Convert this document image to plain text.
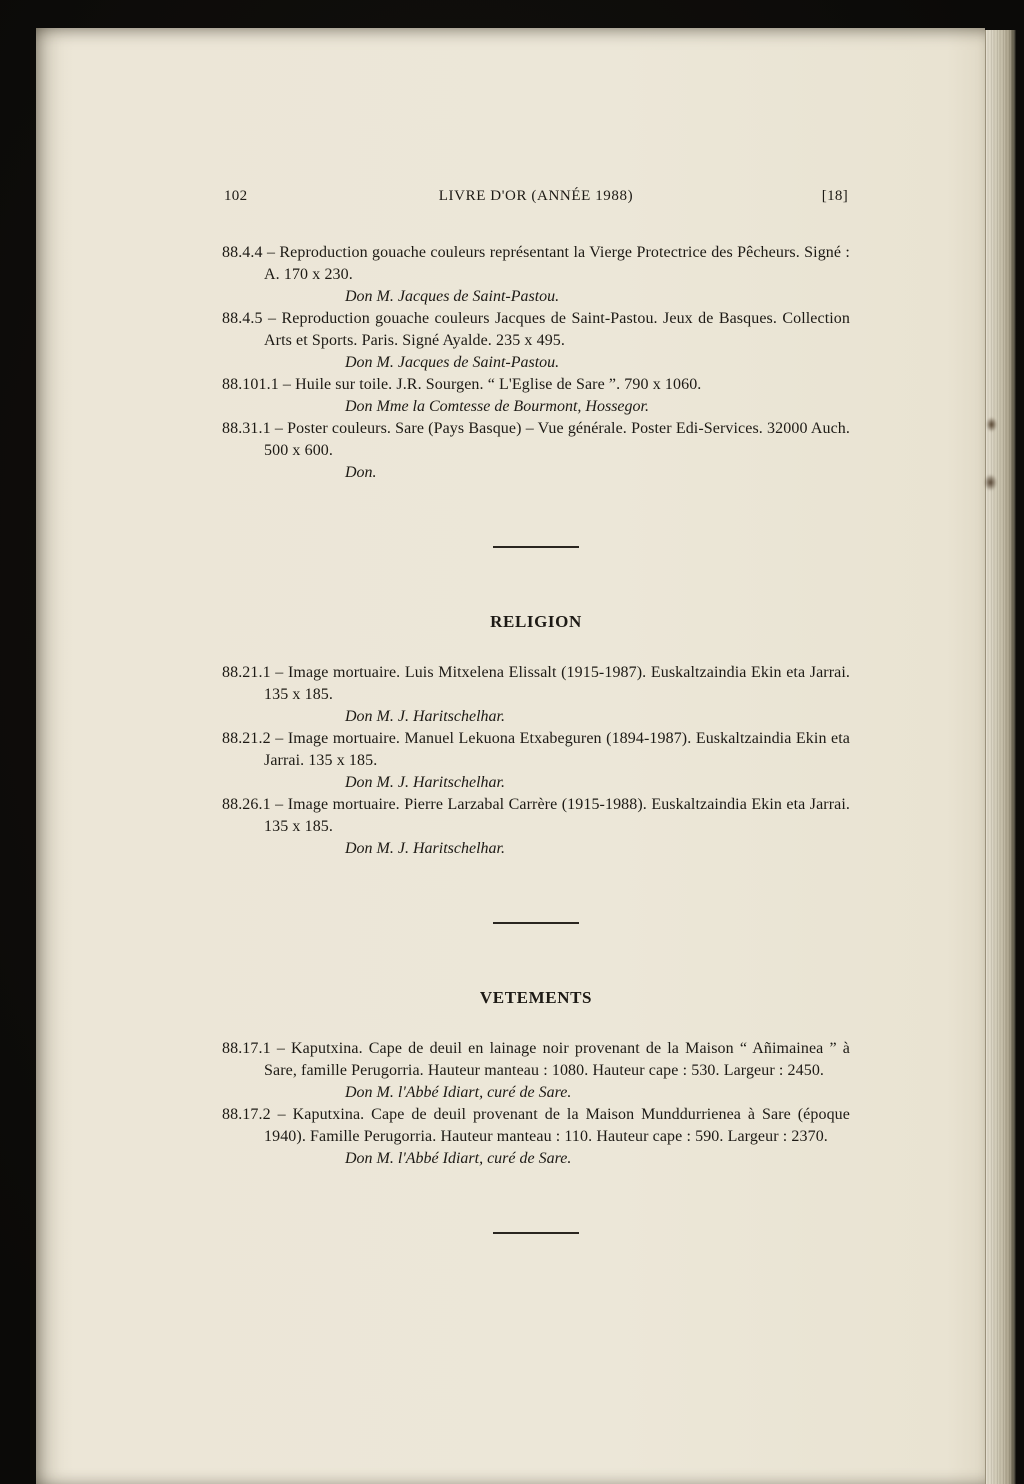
102	LIVRE D'OR (ANNÉE 1988)	[18]

88.4.4 – Reproduction gouache couleurs représentant la Vierge Protectrice des Pêcheurs. Signé : A. 170 x 230.

Don M. Jacques de Saint-Pastou.

88.4.5 – Reproduction gouache couleurs Jacques de Saint-Pastou. Jeux de Basques. Collection Arts et Sports. Paris. Signé Ayalde. 235 x 495.

Don M. Jacques de Saint-Pastou.

88.101.1 – Huile sur toile. J.R. Sourgen. “ L'Eglise de Sare ”. 790 x 1060.

Don Mme la Comtesse de Bourmont, Hossegor.

88.31.1 – Poster couleurs. Sare (Pays Basque) – Vue générale. Poster Edi-Services. 32000 Auch. 500 x 600.

Don.

RELIGION

88.21.1 – Image mortuaire. Luis Mitxelena Elissalt (1915-1987). Euskaltzaindia Ekin eta Jarrai. 135 x 185.

Don M. J. Haritschelhar.

88.21.2 – Image mortuaire. Manuel Lekuona Etxabeguren (1894-1987). Euskaltzaindia Ekin eta Jarrai. 135 x 185.

Don M. J. Haritschelhar.

88.26.1 – Image mortuaire. Pierre Larzabal Carrère (1915-1988). Euskaltzaindia Ekin eta Jarrai. 135 x 185.

Don M. J. Haritschelhar.

VETEMENTS

88.17.1 – Kaputxina. Cape de deuil en lainage noir provenant de la Maison “ Añimainea ” à Sare, famille Perugorria. Hauteur manteau : 1080. Hauteur cape : 530. Largeur : 2450.

Don M. l'Abbé Idiart, curé de Sare.

88.17.2 – Kaputxina. Cape de deuil provenant de la Maison Munddurrienea à Sare (époque 1940). Famille Perugorria. Hauteur manteau : 110. Hauteur cape : 590. Largeur : 2370.

Don M. l'Abbé Idiart, curé de Sare.
